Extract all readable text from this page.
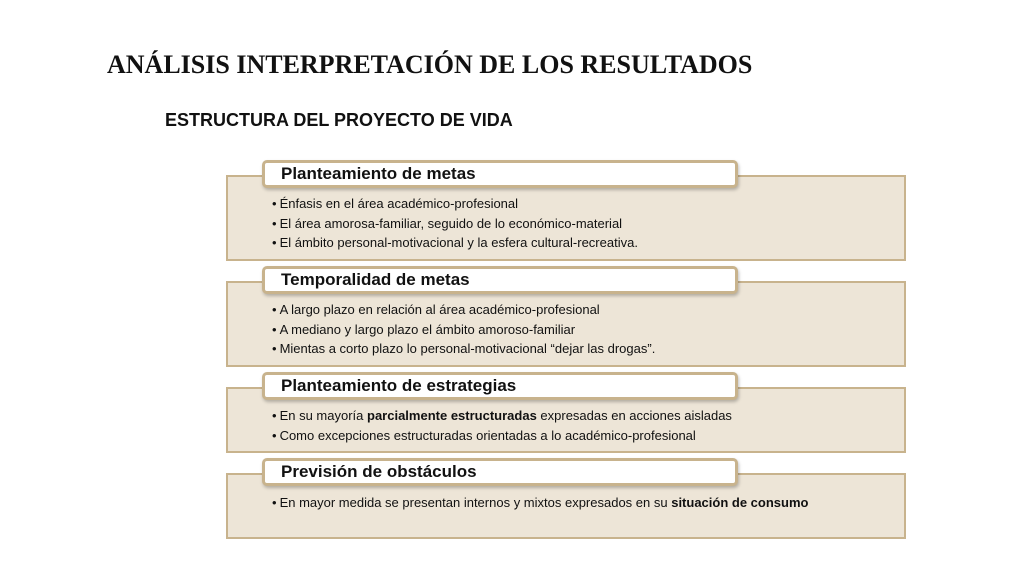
ANÁLISIS INTERPRETACIÓN DE LOS RESULTADOS
ESTRUCTURA DEL PROYECTO DE VIDA
Planteamiento de metas
• Énfasis en el área académico-profesional
• El área amorosa-familiar, seguido de lo económico-material
• El ámbito personal-motivacional y la esfera cultural-recreativa.
Temporalidad de metas
• A largo plazo en relación al área académico-profesional
• A mediano y largo plazo el ámbito amoroso-familiar
• Mientas a corto plazo lo personal-motivacional “dejar las drogas”.
Planteamiento de estrategias
• En su mayoría parcialmente estructuradas expresadas en acciones aisladas
• Como excepciones estructuradas orientadas a lo académico-profesional
Previsión de obstáculos
• En mayor medida se presentan internos y mixtos expresados en su situación de consumo
